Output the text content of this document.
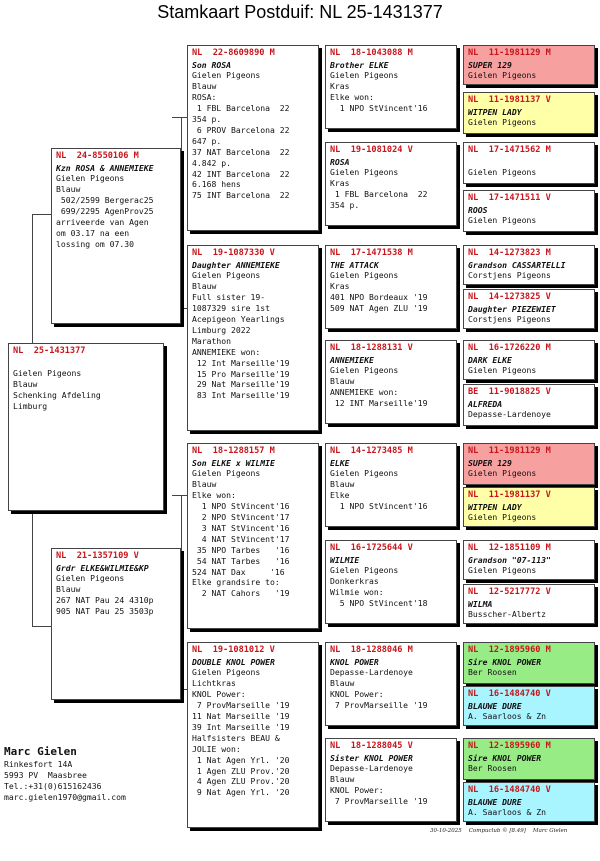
Stamkaart Postduif: NL 25-1431377
NL  25-1431377
Gielen Pigeons
Blauw
Schenking Afdeling
Limburg
NL  24-8550106 M
Kzn ROSA & ANNEMIEKE
Gielen Pigeons
Blauw
502/2599 Bergerac25
699/2295 AgenProv25
arriveerde van Agen
om 03.17 na een
lossing om 07.30
NL  21-1357109 V
Grdr ELKE&WILMIE&KP
Gielen Pigeons
Blauw
267 NAT Pau 24 4310p
905 NAT Pau 25 3503p
NL  22-8609890 M
Son ROSA
Gielen Pigeons
Blauw
ROSA:
1 FBL Barcelona  22
354 p.
6 PROV Barcelona 22
647 p.
37 NAT Barcelona  22
4.842 p.
42 INT Barcelona  22
6.168 hens
75 INT Barcelona  22
NL  19-1087330 V
Daughter ANNEMIEKE
Gielen Pigeons
Blauw
Full sister 19-
1087329 sire 1st
Acepigeon Yearlings
Limburg 2022
Marathon
ANNEMIEKE won:
12 Int Marseille'19
15 Pro Marseille'19
29 Nat Marseille'19
83 Int Marseille'19
NL  18-1288157 M
Son ELKE x WILMIE
Gielen Pigeons
Blauw
Elke won:
1 NPO StVincent'16
2 NPO StVincent'17
3 NAT StVincent'16
4 NAT StVincent'17
35 NPO Tarbes   '16
54 NAT Tarbes   '16
524 NAT Dax     '16
Elke grandsire to:
2 NAT Cahors   '19
NL  19-1081012 V
DOUBLE KNOL POWER
Gielen Pigeons
Lichtkras
KNOL Power:
7 ProvMarseille '19
11 Nat Marseille '19
39 Int Marseille '19
Halfsisters BEAU &
JOLIE won:
1 Nat Agen Yrl. '20
1 Agen ZLU Prov.'20
4 Agen ZLU Prov.'20
9 Nat Agen Yrl. '20
NL  18-1043088 M
Brother ELKE
Gielen Pigeons
Kras
Elke won:
1 NPO StVincent'16
NL  19-1081024 V
ROSA
Gielen Pigeons
Kras
1 FBL Barcelona  22
354 p.
NL  17-1471538 M
THE ATTACK
Gielen Pigeons
Kras
401 NPO Bordeaux '19
509 NAT Agen ZLU '19
NL  18-1288131 V
ANNEMIEKE
Gielen Pigeons
Blauw
ANNEMIEKE won:
12 INT Marseille'19
NL  14-1273485 M
ELKE
Gielen Pigeons
Blauw
Elke
1 NPO StVincent'16
NL  16-1725644 V
WILMIE
Gielen Pigeons
Donkerkras
Wilmie won:
5 NPO StVincent'18
NL  18-1288046 M
KNOL POWER
Depasse-Lardenoye
Blauw
KNOL Power:
7 ProvMarseille '19
NL  18-1288045 V
Sister KNOL POWER
Depasse-Lardenoye
Blauw
KNOL Power:
7 ProvMarseille '19
NL  11-1981129 M
SUPER 129
Gielen Pigeons
NL  11-1981137 V
WITPEN LADY
Gielen Pigeons
NL  17-1471562 M
Gielen Pigeons
NL  17-1471511 V
ROOS
Gielen Pigeons
NL  14-1273823 M
Grandson CASSARTELLI
Corstjens Pigeons
NL  14-1273825 V
Daughter PIEZEWIET
Corstjens Pigeons
NL  16-1726220 M
DARK ELKE
Gielen Pigeons
BE  11-9018825 V
ALFREDA
Depasse-Lardenoye
NL  11-1981129 M
SUPER 129
Gielen Pigeons
NL  11-1981137 V
WITPEN LADY
Gielen Pigeons
NL  12-1851109 M
Grandson "07-113"
Gielen Pigeons
NL  12-5217772 V
WILMA
Busscher-Albertz
NL  12-1895960 M
Sire KNOL POWER
Ber Roosen
NL  16-1484740 V
BLAUWE DURE
A. Saarloos & Zn
NL  12-1895960 M
Sire KNOL POWER
Ber Roosen
NL  16-1484740 V
BLAUWE DURE
A. Saarloos & Zn
Marc Gielen
Rinkesfort 14A
5993 PV  Maasbree
Tel.:+31(0)615162436
marc.gielen1970@gmail.com
30-10-2025    Compuclub © [8.49]    Marc Gielen
